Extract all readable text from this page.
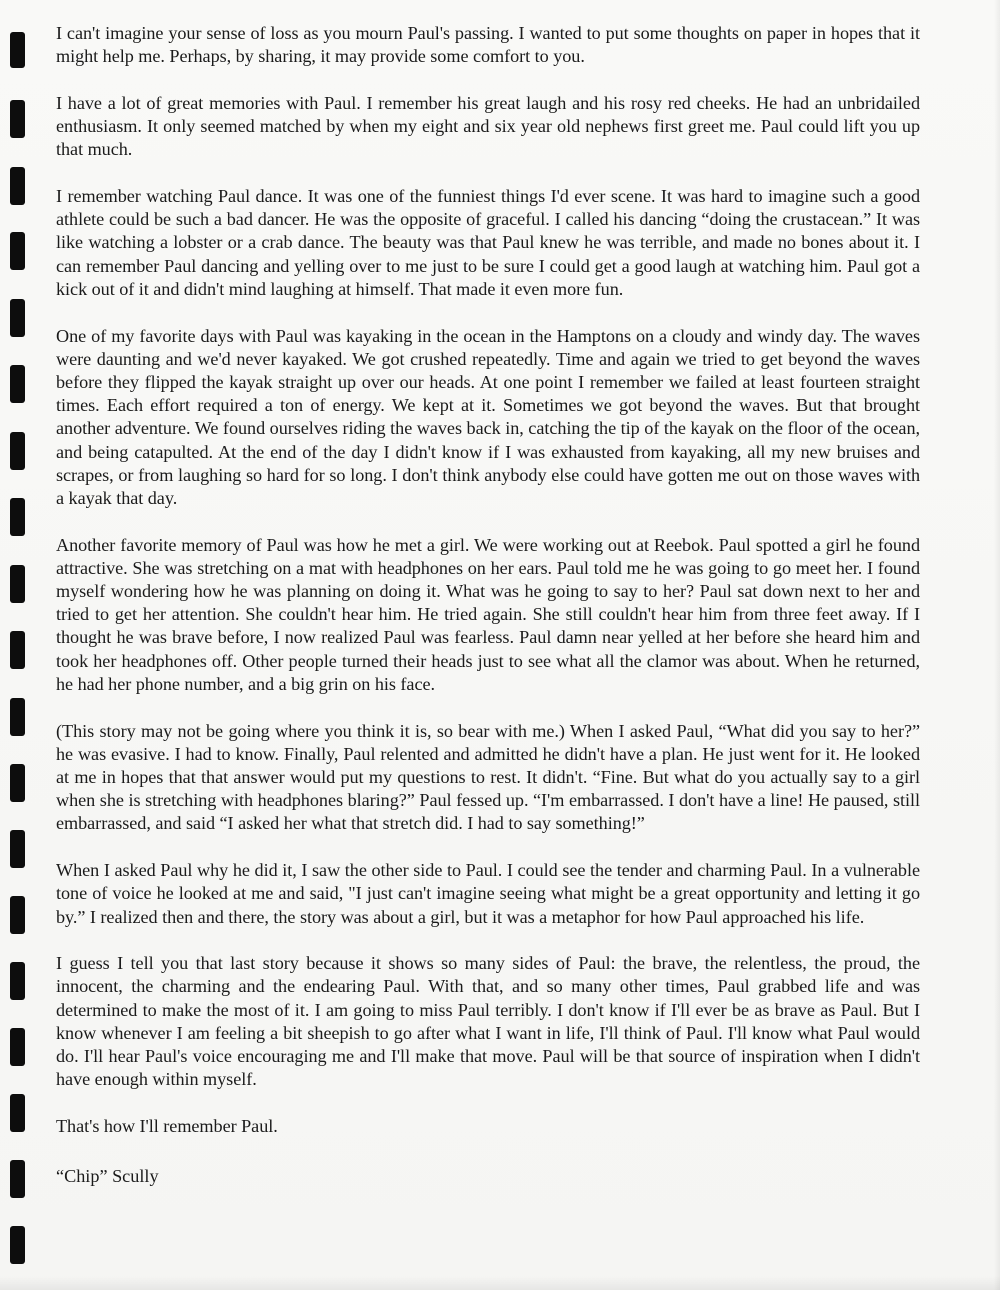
I can't imagine your sense of loss as you mourn Paul's passing. I wanted to put some thoughts on paper in hopes that it might help me. Perhaps, by sharing, it may provide some comfort to you.

I have a lot of great memories with Paul. I remember his great laugh and his rosy red cheeks. He had an unbridailed enthusiasm. It only seemed matched by when my eight and six year old nephews first greet me. Paul could lift you up that much.

I remember watching Paul dance. It was one of the funniest things I'd ever scene. It was hard to imagine such a good athlete could be such a bad dancer. He was the opposite of graceful. I called his dancing “doing the crustacean.” It was like watching a lobster or a crab dance. The beauty was that Paul knew he was terrible, and made no bones about it. I can remember Paul dancing and yelling over to me just to be sure I could get a good laugh at watching him. Paul got a kick out of it and didn't mind laughing at himself. That made it even more fun.

One of my favorite days with Paul was kayaking in the ocean in the Hamptons on a cloudy and windy day. The waves were daunting and we'd never kayaked. We got crushed repeatedly. Time and again we tried to get beyond the waves before they flipped the kayak straight up over our heads. At one point I remember we failed at least fourteen straight times. Each effort required a ton of energy. We kept at it. Sometimes we got beyond the waves. But that brought another adventure. We found ourselves riding the waves back in, catching the tip of the kayak on the floor of the ocean, and being catapulted. At the end of the day I didn't know if I was exhausted from kayaking, all my new bruises and scrapes, or from laughing so hard for so long. I don't think anybody else could have gotten me out on those waves with a kayak that day.

Another favorite memory of Paul was how he met a girl. We were working out at Reebok. Paul spotted a girl he found attractive. She was stretching on a mat with headphones on her ears. Paul told me he was going to go meet her. I found myself wondering how he was planning on doing it. What was he going to say to her? Paul sat down next to her and tried to get her attention. She couldn't hear him. He tried again. She still couldn't hear him from three feet away. If I thought he was brave before, I now realized Paul was fearless. Paul damn near yelled at her before she heard him and took her headphones off. Other people turned their heads just to see what all the clamor was about. When he returned, he had her phone number, and a big grin on his face.

(This story may not be going where you think it is, so bear with me.) When I asked Paul, “What did you say to her?” he was evasive. I had to know. Finally, Paul relented and admitted he didn't have a plan. He just went for it. He looked at me in hopes that that answer would put my questions to rest. It didn't. “Fine. But what do you actually say to a girl when she is stretching with headphones blaring?” Paul fessed up. “I'm embarrassed. I don't have a line! He paused, still embarrassed, and said “I asked her what that stretch did. I had to say something!”

When I asked Paul why he did it, I saw the other side to Paul. I could see the tender and charming Paul. In a vulnerable tone of voice he looked at me and said, "I just can't imagine seeing what might be a great opportunity and letting it go by.” I realized then and there, the story was about a girl, but it was a metaphor for how Paul approached his life.

I guess I tell you that last story because it shows so many sides of Paul: the brave, the relentless, the proud, the innocent, the charming and the endearing Paul. With that, and so many other times, Paul grabbed life and was determined to make the most of it. I am going to miss Paul terribly. I don't know if I'll ever be as brave as Paul. But I know whenever I am feeling a bit sheepish to go after what I want in life, I'll think of Paul. I'll know what Paul would do. I'll hear Paul's voice encouraging me and I'll make that move. Paul will be that source of inspiration when I didn't have enough within myself.

That's how I'll remember Paul.

“Chip” Scully
